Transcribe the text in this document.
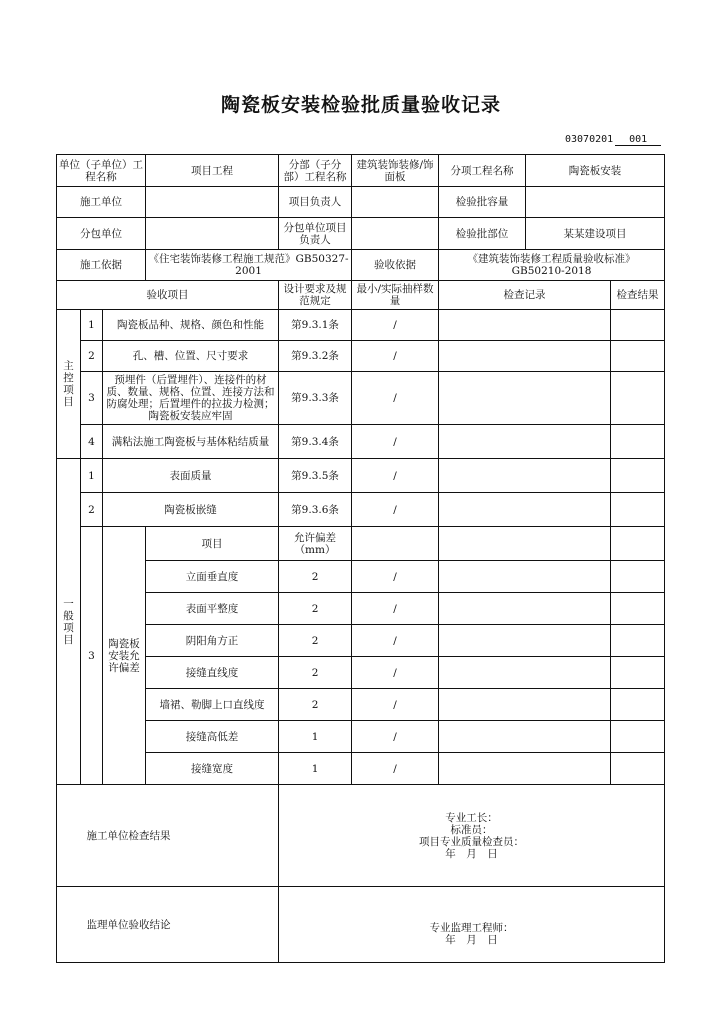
陶瓷板安装检验批质量验收记录
03070201 001
单位（子单位）工程名称			项目工程	分部（子分部）工程名称	建筑装饰装修/饰面板	分项工程名称	陶瓷板安装	
施工单位				项目负责人		检验批容量		
分包单位				分包单位项目负责人		检验批部位	某某建设项目	
施工依据			《住宅装饰装修工程施工规范》GB50327-2001		验收依据	《建筑装饰装修工程质量验收标准》GB50210-2018		
验收项目				设计要求及规范规定	最小/实际抽样数量	检查记录		检查结果
主控项目	1	陶瓷板品种、规格、颜色和性能		第9.3.1条	/			
	2	孔、槽、位置、尺寸要求		第9.3.2条	/			
	3	预埋件（后置埋件）、连接件的材质、数量、规格、位置、连接方法和防腐处理；后置埋件的拉拔力检测；陶瓷板安装应牢固		第9.3.3条	/			
	4	满粘法施工陶瓷板与基体粘结质量		第9.3.4条	/			
一般项目	1	表面质量		第9.3.5条	/			
	2	陶瓷板嵌缝		第9.3.6条	/			
	3	陶瓷板安装允许偏差	项目	允许偏差（mm）				
			立面垂直度	2	/			
			表面平整度	2	/			
			阴阳角方正	2	/			
			接缝直线度	2	/			
			墙裙、勒脚上口直线度	2	/			
			接缝高低差	1	/			
			接缝宽度	1	/			
施工单位检查结果				专业工长：
标准员：
项目专业质量检查员：
年　月　日				

监理单位验收结论				专业监理工程师：
年　月　日				
